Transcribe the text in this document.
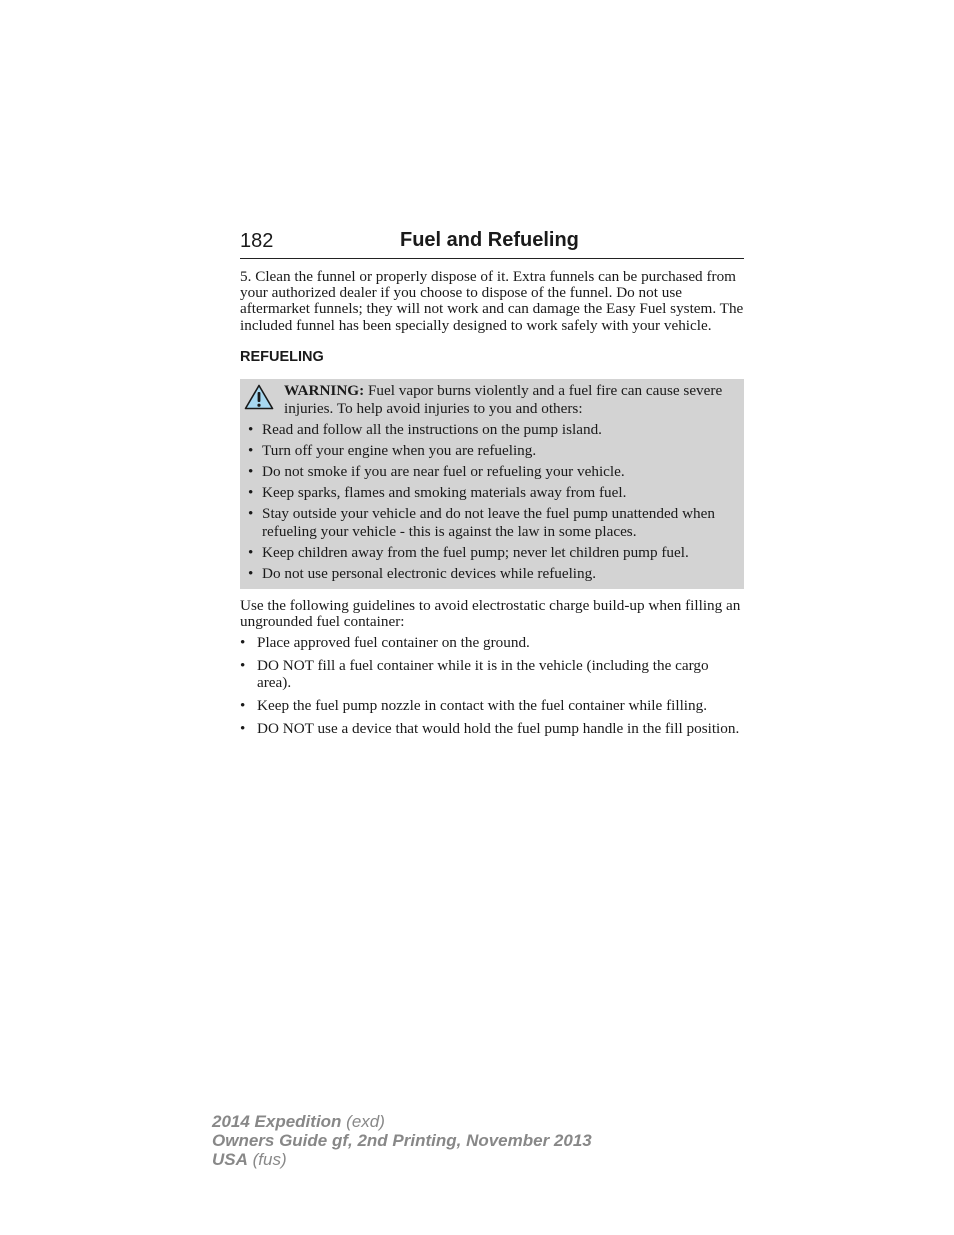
182	Fuel and Refueling

5. Clean the funnel or properly dispose of it. Extra funnels can be purchased from your authorized dealer if you choose to dispose of the funnel. Do not use aftermarket funnels; they will not work and can damage the Easy Fuel system. The included funnel has been specially designed to work safely with your vehicle.

REFUELING
WARNING: Fuel vapor burns violently and a fuel fire can cause severe injuries. To help avoid injuries to you and others:
• Read and follow all the instructions on the pump island.
• Turn off your engine when you are refueling.
• Do not smoke if you are near fuel or refueling your vehicle.
• Keep sparks, flames and smoking materials away from fuel.
• Stay outside your vehicle and do not leave the fuel pump unattended when refueling your vehicle - this is against the law in some places.
• Keep children away from the fuel pump; never let children pump fuel.
• Do not use personal electronic devices while refueling.

Use the following guidelines to avoid electrostatic charge build-up when filling an ungrounded fuel container:

• Place approved fuel container on the ground.
• DO NOT fill a fuel container while it is in the vehicle (including the cargo area).
• Keep the fuel pump nozzle in contact with the fuel container while filling.
• DO NOT use a device that would hold the fuel pump handle in the fill position.
2014 Expedition (exd)
Owners Guide gf, 2nd Printing, November 2013
USA (fus)
